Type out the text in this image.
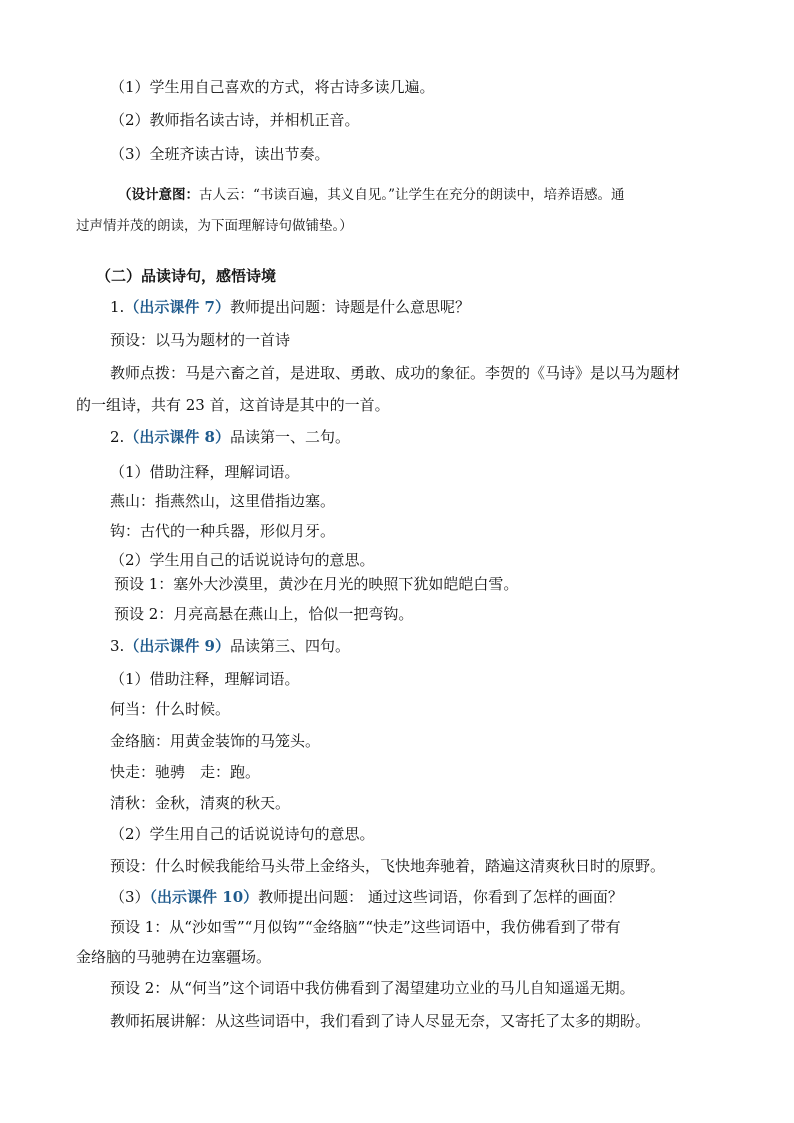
（1）学生用自己喜欢的方式，将古诗多读几遍。
（2）教师指名读古诗，并相机正音。
（3）全班齐读古诗，读出节奏。
（设计意图：古人云：“书读百遍，其义自见。”让学生在充分的朗读中，培养语感。通
过声情并茂的朗读，为下面理解诗句做铺垫。）
（二）品读诗句，感悟诗境
1.（出示课件 7）教师提出问题：诗题是什么意思呢？
预设：以马为题材的一首诗
教师点拨：马是六畜之首，是进取、勇敢、成功的象征。李贺的《马诗》是以马为题材
的一组诗，共有 23 首，这首诗是其中的一首。
2.（出示课件 8）品读第一、二句。
（1）借助注释，理解词语。
燕山：指燕然山，这里借指边塞。
钩：古代的一种兵器，形似月牙。
（2）学生用自己的话说说诗句的意思。
预设 1：塞外大沙漠里，黄沙在月光的映照下犹如皑皑白雪。
预设 2：月亮高悬在燕山上，恰似一把弯钩。
3.（出示课件 9）品读第三、四句。
（1）借助注释，理解词语。
何当：什么时候。
金络脑：用黄金装饰的马笼头。
快走：驰骋　走：跑。
清秋：金秋，清爽的秋天。
（2）学生用自己的话说说诗句的意思。
预设：什么时候我能给马头带上金络头，飞快地奔驰着，踏遍这清爽秋日时的原野。
（3）（出示课件 10）教师提出问题： 通过这些词语，你看到了怎样的画面？
预设 1：从“沙如雪”“月似钩”“金络脑”“快走”这些词语中，我仿佛看到了带有
金络脑的马驰骋在边塞疆场。
预设 2：从“何当”这个词语中我仿佛看到了渴望建功立业的马儿自知遥遥无期。
教师拓展讲解：从这些词语中，我们看到了诗人尽显无奈，又寄托了太多的期盼。
